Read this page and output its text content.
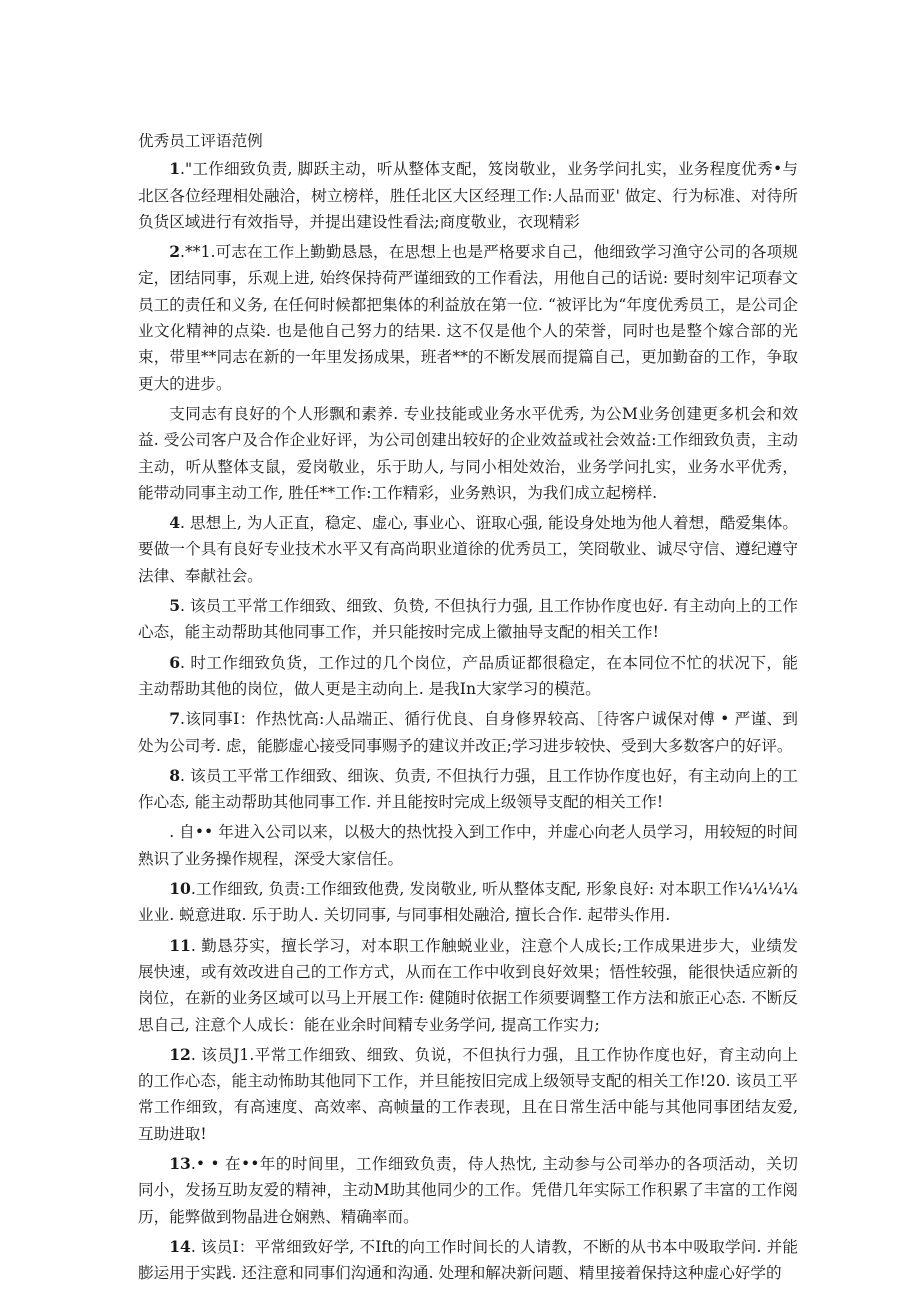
优秀员工评语范例

1."工作细致负责, 脚跃主动，听从整体支配，笈岗敬业，业务学问扎实，业务程度优秀•与北区各位经理相处融洽，树立榜样，胜任北区大区经理工作:人品而亚' 做定、行为标准、对待所负货区域进行有效指导，并提出建设性看法;商度敬业，衣现精彩

2.**1.可志在工作上勤勤恳恳，在思想上也是严格要求自己，他细致学习渔守公司的各项规定，团结同事，乐观上进, 始终保持荷严谨细致的工作看法，用他自己的话说: 要时刻牢记项春文员工的责任和义务, 在任何时候都把集体的利益放在第一位. “被评比为“年度优秀员工，是公司企业文化精神的点染. 也是他自己努力的结果. 这不仅是他个人的荣誉，同时也是整个嫁合部的光束，带里**同志在新的一年里发扬成果，班者**的不断发展而提篇自己，更加勤奋的工作，争取更大的进步。

支同志有良好的个人形飘和素养. 专业技能或业务水平优秀, 为公M业务创建更多机会和效益. 受公司客户及合作企业好评，为公司创建出较好的企业效益或社会效益:工作细致负责，主动主动，听从整体支鼠，爱岗敬业，乐于助人, 与同小相处效治，业务学问扎实，业务水平优秀，能带动同事主动工作, 胜任**工作:工作精彩，业务熟识，为我们成立起榜样.

4. 思想上, 为人正直，稳定、虚心, 事业心、诳取心强, 能设身处地为他人着想，酷爱集体。要做一个具有良好专业技术水平又有高尚职业道徐的优秀员工，笑冏敬业、诚尽守信、遵纪遵守法律、奉献社会。

5. 该员工平常工作细致、细致、负贽, 不但执行力强, 且工作协作度也好. 有主动向上的工作心态，能主动帮助其他同事工作，并只能按时完成上徽抽导支配的相关工作!

6. 时工作细致负货，工作过的几个岗位，产品质证都很稳定，在本同位不忙的状况下，能主动帮助其他的岗位，做人更是主动向上. 是我In大家学习的模范。

7.该同事I：作热忱高:人品端正、循行优良、自身修界较高、［待客户诚保对傅 • 严谨、到处为公司考. 虑，能膨虚心接受同事赐予的建议并改正;学习进步较快、受到大多数客户的好评。

8. 该员工平常工作细致、细诙、负责, 不但执行力强，且工作协作度也好，有主动向上的工作心态, 能主动帮助其他同事工作. 并且能按时完成上级领导支配的相关工作!

. 自•• 年进入公司以来，以极大的热忱投入到工作中，并虚心向老人员学习，用较短的时间熟识了业务操作规程，深受大家信任。

10.工作细致, 负责:工作细致他费, 发岗敬业, 听从整体支配, 形象良好: 对本职工作¼¼¼¼业业. 蜕意进取. 乐于助人. 关切同事, 与同事相处融洽, 擅长合作. 起带头作用.

11. 勤恳芬实，擅长学习，对本职工作触蜕业业，注意个人成长;工作成果进步大，业绩发展快速，或有效改进自己的工作方式，从而在工作中收到良好效果；悟性较强，能很快适应新的岗位，在新的业务区域可以马上开展工作: 健随时依据工作须要调整工作方法和旅正心态. 不断反思自己, 注意个人成长：能在业余时间精专业务学问, 提高工作实力;

12. 该员J1.平常工作细致、细致、负说，不但执行力强，且工作协作度也好，育主动向上的工作心态，能主动怖助其他同下工作，并旦能按旧完成上级领导支配的相关工作!20. 该员工平常工作细致，有高速度、高效率、高帧量的工作表现，且在日常生活中能与其他同事团结友爱, 互助进取!

13.• • 在••年的时间里，工作细致负责，侍人热忱, 主动参与公司举办的各项活动，关切同小，发扬互助友爱的精神，主动M助其他同少的工作。凭借几年实际工作积累了丰富的工作阅历，能弊做到物晶进仓娴熟、精确率而。

14. 该员I：平常细致好学, 不Ift的向工作时间长的人请教，不断的从书本中吸取学问. 并能膨运用于实践. 还注意和同事们沟通和沟通. 处理和解决新问题、精里接着保持这种虚心好学的
